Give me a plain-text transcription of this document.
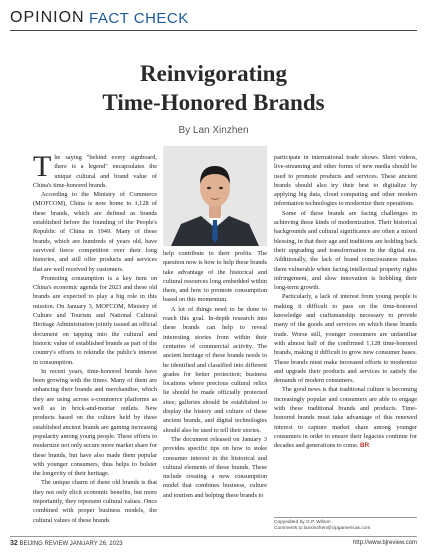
OPINION FACT CHECK
Reinvigorating
Time-Honored Brands
By Lan Xinzhen

The saying "behind every signboard, there is a legend" encapsulates the unique cultural and brand value of China's time-honored brands.

According to the Ministry of Commerce (MOFCOM), China is now home to 1,128 of these brands, which are defined as brands established before the founding of the People's Republic of China in 1949. Many of these brands, which are hundreds of years old, have survived fierce competition over their long histories, and still offer products and services that are well received by customers.

Promoting consumption is a key item on China's economic agenda for 2023 and these old brands are expected to play a big role in this mission. On January 3, MOFCOM, Ministry of Culture and Tourism and National Cultural Heritage Administration jointly issued an official document on tapping into the cultural and historic value of established brands as part of the country's efforts to rekindle the public's interest in consumption.

In recent years, time-honored brands have been growing with the times. Many of them are enhancing their brands and merchandise, which they are using across e-commerce platforms as well as in brick-and-mortar outlets. New products based on the culture held by these established ancient brands are gaining increasing popularity among young people. These efforts to modernize not only secure more market share for these brands, but have also made them popular with younger consumers, thus helps to bolster the longevity of their heritage.

The unique charm of these old brands is that they not only elicit economic benefits, but more importantly, they represent cultural values. Once combined with proper business models, the cultural values of these brands

help contribute to their profits. The question now is how to help these brands take advantage of the historical and cultural resources long embedded within them, and how to promote consumption based on this momentum.

A lot of things need to be done to reach this goal. In-depth research into these brands can help to reveal interesting stories from within their centuries of commercial activity. The ancient heritage of these brands needs to be identified and classified into different grades for better protection; business locations where precious cultural relics lie should be made officially protected sites; galleries should be established to display the history and culture of these ancient brands, and digital technologies should also be used to tell their stories.

The document released on January 3 provides specific tips on how to stoke consumer interest in the historical and cultural elements of these brands. These include creating a new consumption model that combines business, culture and tourism and helping these brands to

participate in international trade shows. Short videos, live-streaming and other forms of new media should be used to promote products and services. These ancient brands should also try their best to digitalize by applying big data, cloud computing and other modern information technologies to modernize their operations.

Some of these brands are facing challenges in achieving these kinds of modernization. Their historical backgrounds and cultural significance are often a mixed blessing, in that their age and traditions are holding back their upgrading and transformation in the digital era. Additionally, the lack of brand consciousness makes them vulnerable when facing intellectual property rights infringement, and slow innovation is hobbling their long-term growth.

Particularly, a lack of interest from young people is making it difficult to pass on the time-honored knowledge and craftsmanship necessary to provide many of the goods and services on which these brands trade. Worse still, younger consumers are unfamiliar with almost half of the confirmed 1,128 time-honored brands, making it difficult to grow new consumer bases. These brands must make increased efforts to modernize and upgrade their products and services to satisfy the demands of modern consumers.

The good news is that traditional culture is becoming increasingly popular and consumers are able to engage with these traditional brands and products. Time-honored brands must take advantage of this renewed interest to capture market share among younger consumers in order to ensure their legacies continue for decades and generations to come. BR

Copyedited by G.P. Wilson
Comments to lanxinzhen@cipgamericas.com
32 BEIJING REVIEW JANUARY 26, 2023	http://www.bjreview.com
